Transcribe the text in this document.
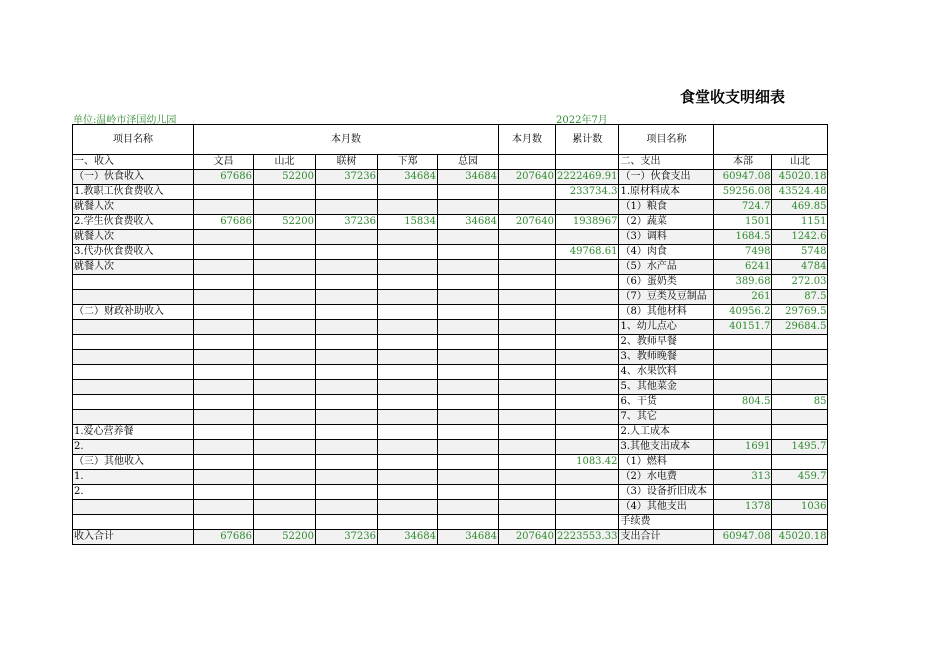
食堂收支明细表
单位:温岭市泽国幼儿园	2022年7月
项目名称	本月数					本月数	累计数	项目名称		
一、收入	文昌	山北	联树	下郑	总园			二、支出	本部	山北
（一）伙食收入	67686	52200	37236	34684	34684	207640	2222469.91	（一）伙食支出	60947.08	45020.18
1.教职工伙食费收入							233734.3	1.原材料成本	59256.08	43524.48
就餐人次								（1）粮食	724.7	469.85
2.学生伙食费收入	67686	52200	37236	15834	34684	207640	1938967	（2）蔬菜	1501	1151
就餐人次								（3）调料	1684.5	1242.6
3.代办伙食费收入							49768.61	（4）肉食	7498	5748
就餐人次								（5）水产品	6241	4784
								（6）蛋奶类	389.68	272.03
								（7）豆类及豆制品	261	87.5
（二）财政补助收入								（8）其他材料	40956.2	29769.5
								1、幼儿点心	40151.7	29684.5
								2、教师早餐		
								3、教师晚餐		
								4、水果饮料		
								5、其他菜金		
								6、干货	804.5	85
								7、其它		
1.爱心营养餐								2.人工成本		
2.								3.其他支出成本	1691	1495.7
（三）其他收入							1083.42	（1）燃料		
1.								（2）水电费	313	459.7
2.								（3）设备折旧成本		
								（4）其他支出	1378	1036
								手续费		
收入合计	67686	52200	37236	34684	34684	207640	2223553.33	支出合计	60947.08	45020.18
